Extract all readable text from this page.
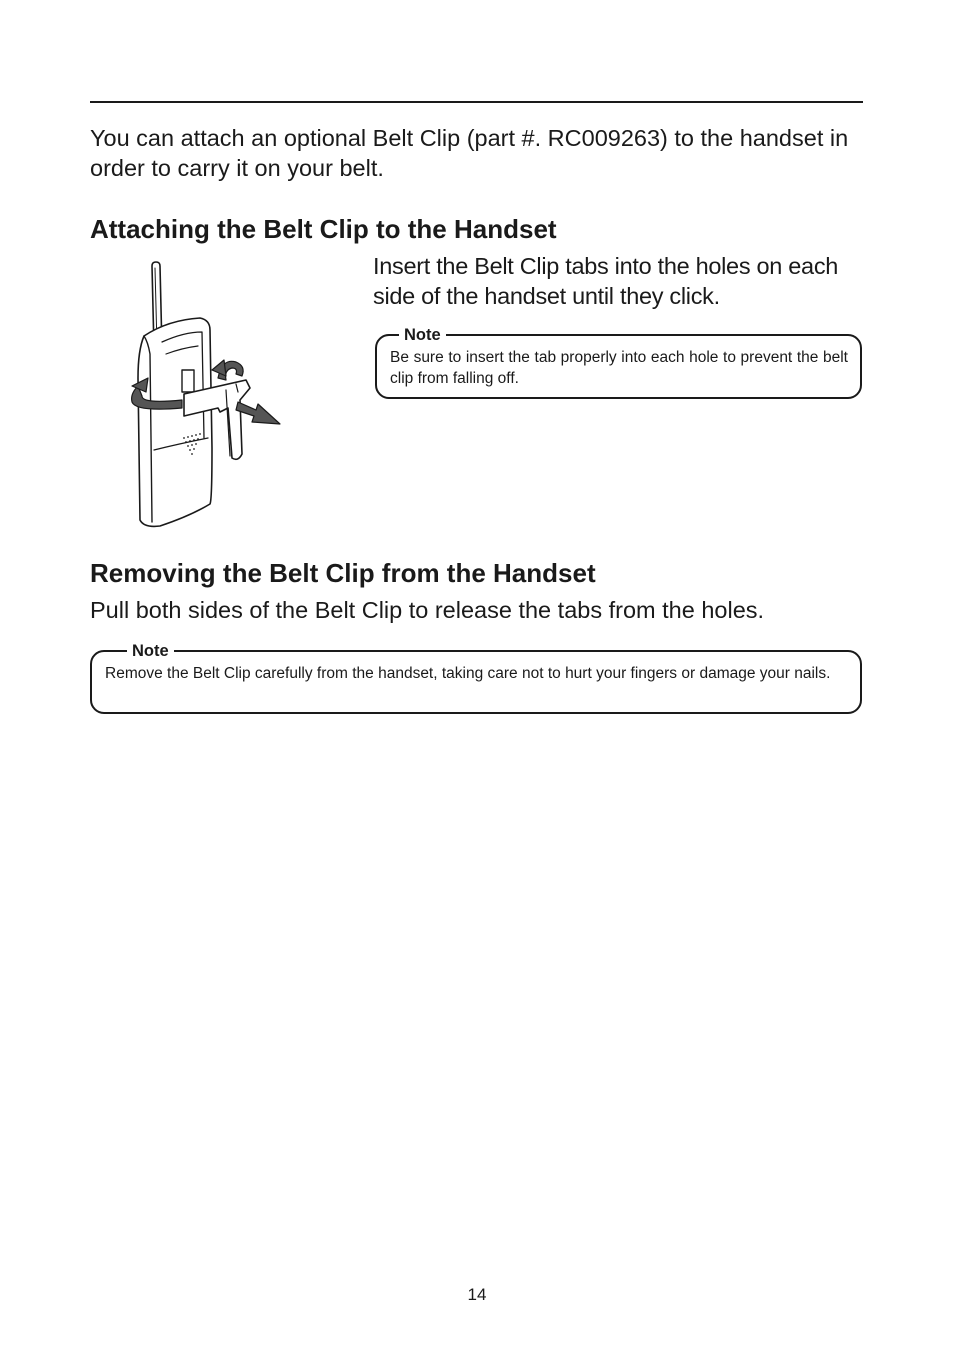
You can attach an optional Belt Clip (part #. RC009263) to the handset in order to carry it on your belt.

Attaching the Belt Clip to the Handset

Insert the Belt Clip tabs into the holes on each side of the handset until they click.

Note

Be sure to insert the tab properly into each hole to prevent the belt clip from falling off.

Removing the Belt Clip from the Handset

Pull both sides of the Belt Clip to release the tabs from the holes.

Note

Remove the Belt Clip carefully from the handset, taking care not to hurt your fingers or damage your nails.

14
